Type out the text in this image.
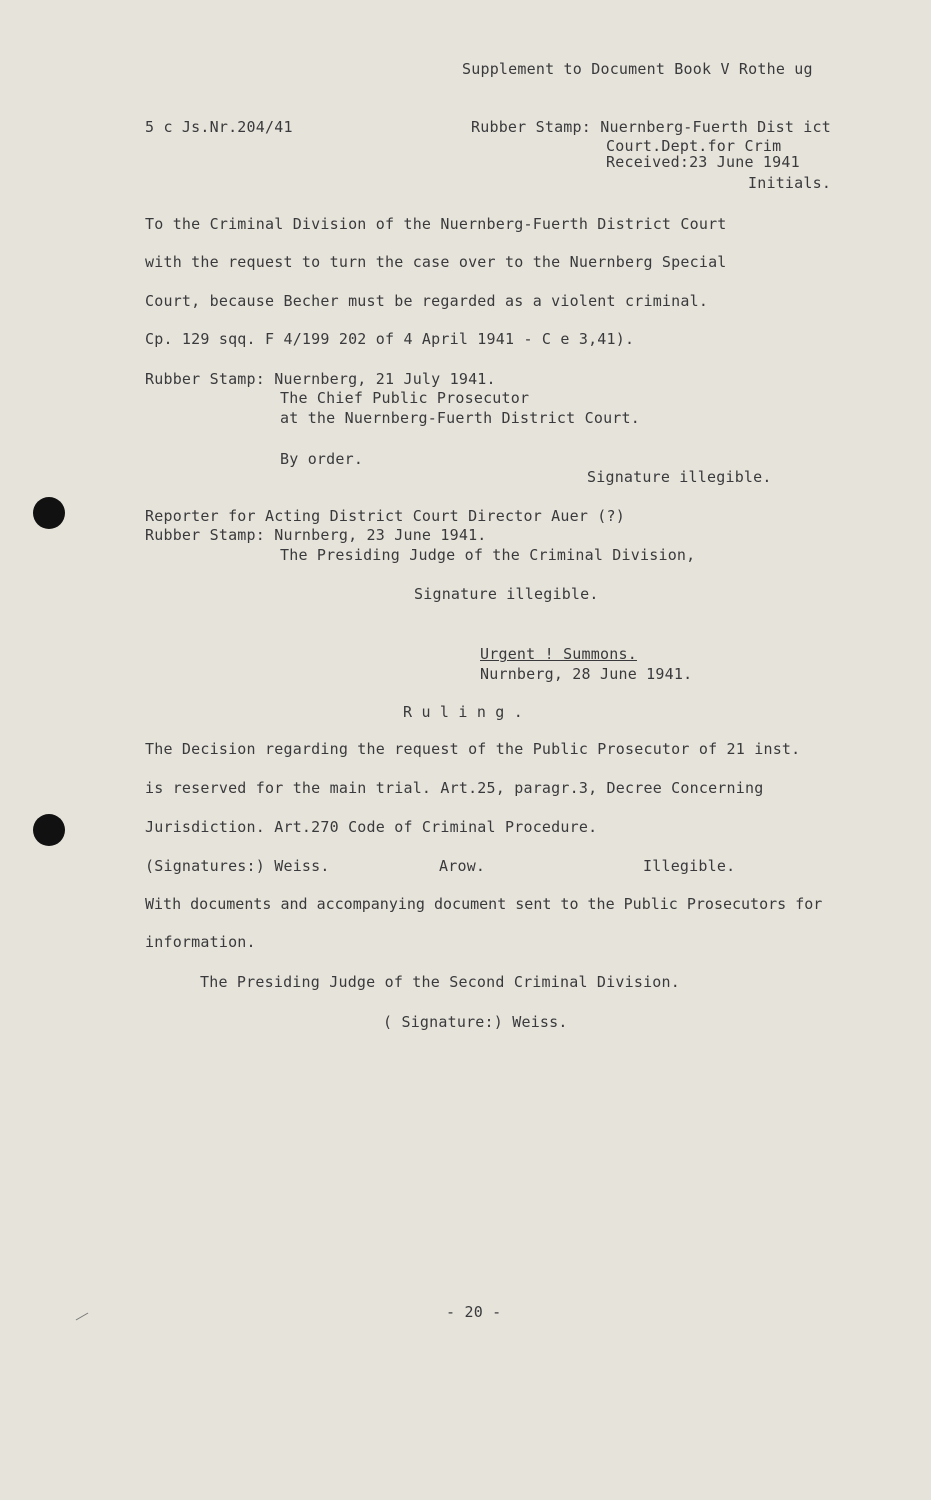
Supplement to Document Book V Rothe ug
5 c Js.Nr.204/41	Rubber Stamp: Nuernberg-Fuerth Dist ict
Court.Dept.for Crim
Received:23 June 1941
Initials.
To the Criminal Division of the Nuernberg-Fuerth District Court
with the request to turn the case over to the Nuernberg Special
Court, because Becher must be regarded as a violent criminal.
Cp. 129 sqq. F 4/199 202 of 4 April 1941 - C e 3,41).
Rubber Stamp: Nuernberg, 21 July 1941.
The Chief Public Prosecutor
at the Nuernberg-Fuerth District Court.
By order.
Signature illegible.
Reporter for Acting District Court Director Auer (?)
Rubber Stamp: Nurnberg, 23 June 1941.
The Presiding Judge of the Criminal Division,
Signature illegible.
Urgent ! Summons.
Nurnberg, 28 June 1941.
R u l i n g .
The Decision regarding the request of the Public Prosecutor of 21 inst.
is reserved for the main trial. Art.25, paragr.3, Decree Concerning
Jurisdiction. Art.270 Code of Criminal Procedure.
(Signatures:) Weiss.	Arow.	Illegible.
With documents and accompanying document sent to the Public Prosecutors for
information.
The Presiding Judge of the Second Criminal Division.
( Signature:) Weiss.
- 20 -
